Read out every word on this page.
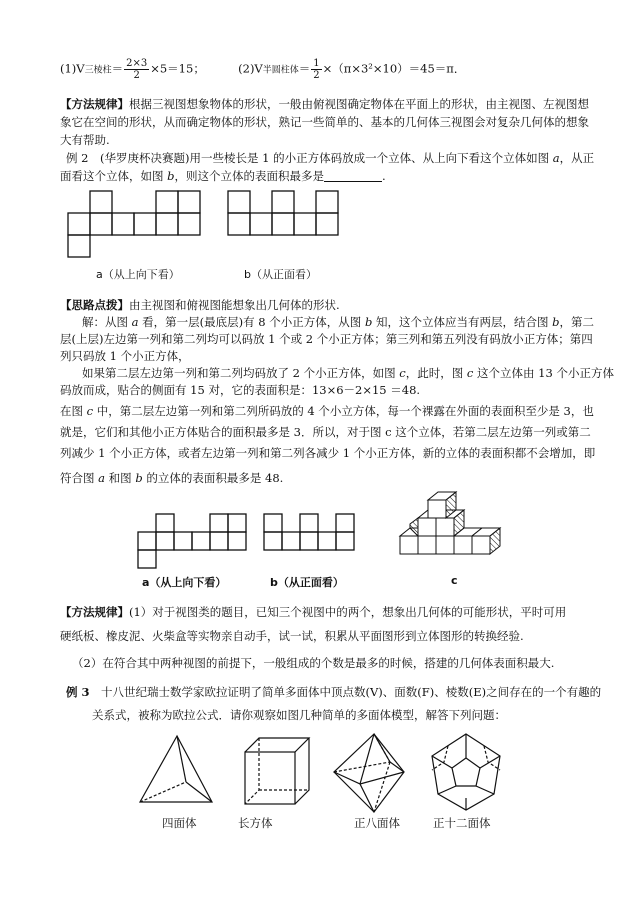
(1)V三棱柱＝ $\frac{2\times 3}{2} \times 5=15$；	(2)V半圆柱体＝ $\frac{1}{2} \times(\pi\times 3^2\times 10)=45=\pi$．
【方法规律】根据三视图想象物体的形状，一般由俯视图确定物体在平面上的形状，由主视图、左视图想
象它在空间的形状，从而确定物体的形状，熟记一些简单的、基本的几何体三视图会对复杂几何体的想象
大有帮助.
例 2　(华罗庚杯决赛题)用一些棱长是 1 的小正方体码放成一个立体、从上向下看这个立体如图 a，从正
面看这个立体，如图 b，则这个立体的表面积最多是	.
a（从上向下看）	b（从正面看）
【思路点拨】由主视图和俯视图能想象出几何体的形状.
解：从图 a 看，第一层(最底层)有 8 个小正方体，从图 b 知，这个立体应当有两层，结合图 b，第二
层(上层)左边第一列和第二列均可以码放 1 个或 2 个小正方体；第三列和第五列没有码放小正方体；第四
列只码放 1 个小正方体，
如果第二层左边第一列和第二列均码放了 2 个小正方体，如图 c，此时，图 c 这个立体由 13 个小正方体
码放而成，贴合的侧面有 15 对，它的表面积是：13×6－2×15 ＝48.
在图 c 中，第二层左边第一列和第二列所码放的 4 个小立方体，每一个裸露在外面的表面积至少是 3，也
就是，它们和其他小正方体贴合的面积最多是 3．所以，对于图 c 这个立体，若第二层左边第一列或第二
列减少 1 个小正方体，或者左边第一列和第二列各减少 1 个小正方体，新的立体的表面积都不会增加，即
符合图 a 和图 b 的立体的表面积最多是 48.
a（从上向下看）	b（从正面看）	c
【方法规律】(1）对于视图类的题目，已知三个视图中的两个，想象出几何体的可能形状，平时可用
硬纸板、橡皮泥、火柴盒等实物亲自动手，试一试，积累从平面图形到立体图形的转换经验.
（2）在符合其中两种视图的前提下，一般组成的个数是最多的时候，搭建的几何体表面积最大.
例 3　十八世纪瑞士数学家欧拉证明了简单多面体中顶点数(V)、面数(F)、棱数(E)之间存在的一个有趣的
关系式，被称为欧拉公式．请你观察如图几种简单的多面体模型，解答下列问题：
四面体	长方体	正八面体	正十二面体
